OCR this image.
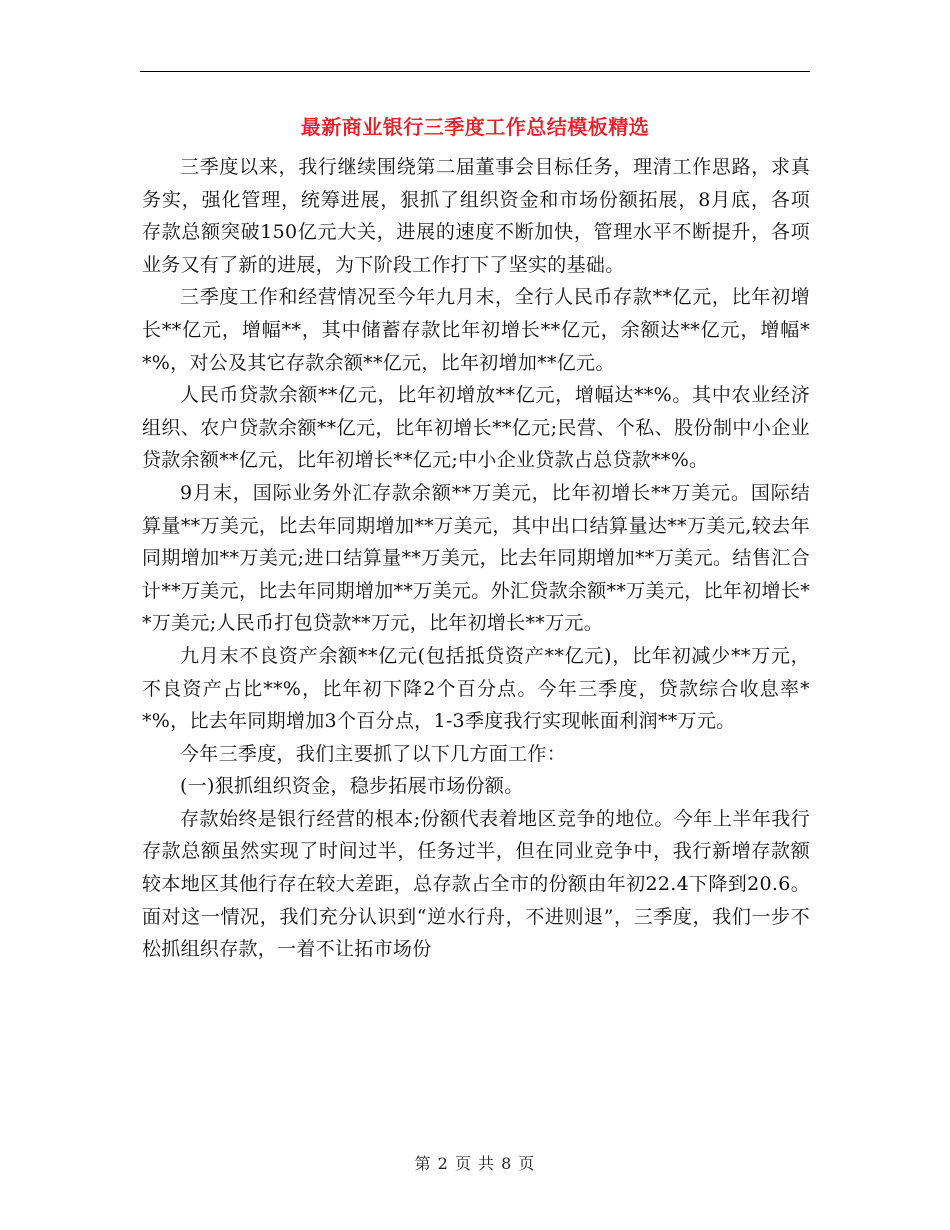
最新商业银行三季度工作总结模板精选

三季度以来，我行继续围绕第二届董事会目标任务，理清工作思路，求真务实，强化管理，统筹进展，狠抓了组织资金和市场份额拓展，8月底，各项存款总额突破150亿元大关，进展的速度不断加快，管理水平不断提升，各项业务又有了新的进展，为下阶段工作打下了坚实的基础。

三季度工作和经营情况至今年九月末，全行人民币存款**亿元，比年初增长**亿元，增幅**，其中储蓄存款比年初增长**亿元，余额达**亿元，增幅**%，对公及其它存款余额**亿元，比年初增加**亿元。

人民币贷款余额**亿元，比年初增放**亿元，增幅达**%。其中农业经济组织、农户贷款余额**亿元，比年初增长**亿元;民营、个私、股份制中小企业贷款余额**亿元，比年初增长**亿元;中小企业贷款占总贷款**%。

9月末，国际业务外汇存款余额**万美元，比年初增长**万美元。国际结算量**万美元，比去年同期增加**万美元，其中出口结算量达**万美元,较去年同期增加**万美元;进口结算量**万美元，比去年同期增加**万美元。结售汇合计**万美元，比去年同期增加**万美元。外汇贷款余额**万美元，比年初增长**万美元;人民币打包贷款**万元，比年初增长**万元。

九月末不良资产余额**亿元(包括抵贷资产**亿元)，比年初减少**万元，不良资产占比**%，比年初下降2个百分点。今年三季度，贷款综合收息率**%，比去年同期增加3个百分点，1-3季度我行实现帐面利润**万元。

今年三季度，我们主要抓了以下几方面工作：

(一)狠抓组织资金，稳步拓展市场份额。

存款始终是银行经营的根本;份额代表着地区竞争的地位。今年上半年我行存款总额虽然实现了时间过半，任务过半，但在同业竞争中，我行新增存款额较本地区其他行存在较大差距，总存款占全市的份额由年初22.4下降到20.6。面对这一情况，我们充分认识到“逆水行舟，不进则退”，三季度，我们一步不松抓组织存款，一着不让拓市场份

第 2 页 共 8 页
